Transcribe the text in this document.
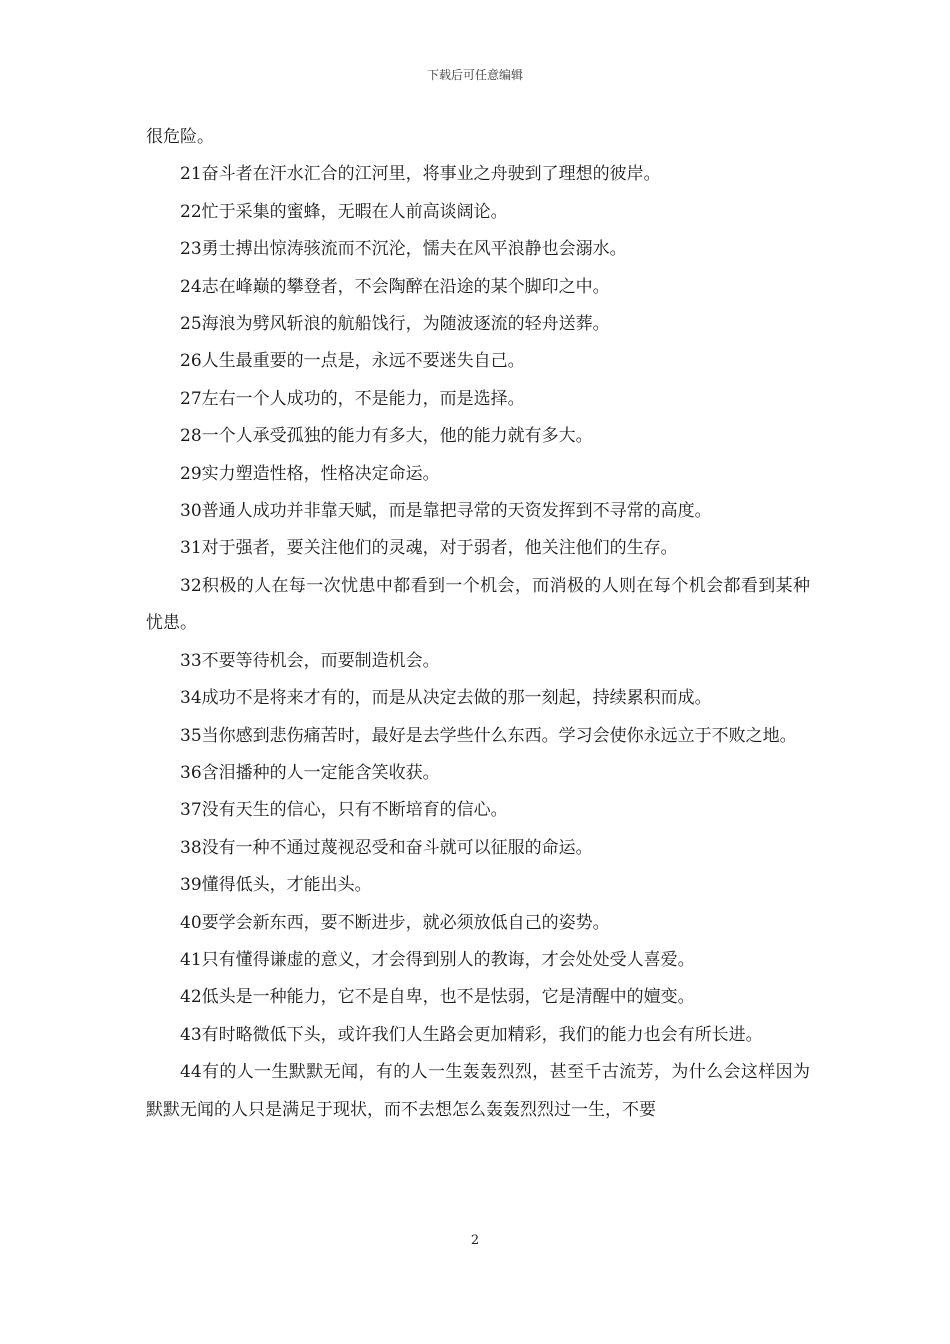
下载后可任意编辑

很危险。

21奋斗者在汗水汇合的江河里，将事业之舟驶到了理想的彼岸。

22忙于采集的蜜蜂，无暇在人前高谈阔论。

23勇士搏出惊涛骇流而不沉沦，懦夫在风平浪静也会溺水。

24志在峰巅的攀登者，不会陶醉在沿途的某个脚印之中。

25海浪为劈风斩浪的航船饯行，为随波逐流的轻舟送葬。

26人生最重要的一点是，永远不要迷失自己。

27左右一个人成功的，不是能力，而是选择。

28一个人承受孤独的能力有多大，他的能力就有多大。

29实力塑造性格，性格决定命运。

30普通人成功并非靠天赋，而是靠把寻常的天资发挥到不寻常的高度。

31对于强者，要关注他们的灵魂，对于弱者，他关注他们的生存。

32积极的人在每一次忧患中都看到一个机会，而消极的人则在每个机会都看到某种忧患。

33不要等待机会，而要制造机会。

34成功不是将来才有的，而是从决定去做的那一刻起，持续累积而成。

35当你感到悲伤痛苦时，最好是去学些什么东西。学习会使你永远立于不败之地。

36含泪播种的人一定能含笑收获。

37没有天生的信心，只有不断培育的信心。

38没有一种不通过蔑视忍受和奋斗就可以征服的命运。

39懂得低头，才能出头。

40要学会新东西，要不断进步，就必须放低自己的姿势。

41只有懂得谦虚的意义，才会得到别人的教诲，才会处处受人喜爱。

42低头是一种能力，它不是自卑，也不是怯弱，它是清醒中的嬗变。

43有时略微低下头，或许我们人生路会更加精彩，我们的能力也会有所长进。

44有的人一生默默无闻，有的人一生轰轰烈烈，甚至千古流芳，为什么会这样因为默默无闻的人只是满足于现状，而不去想怎么轰轰烈烈过一生，不要

2
